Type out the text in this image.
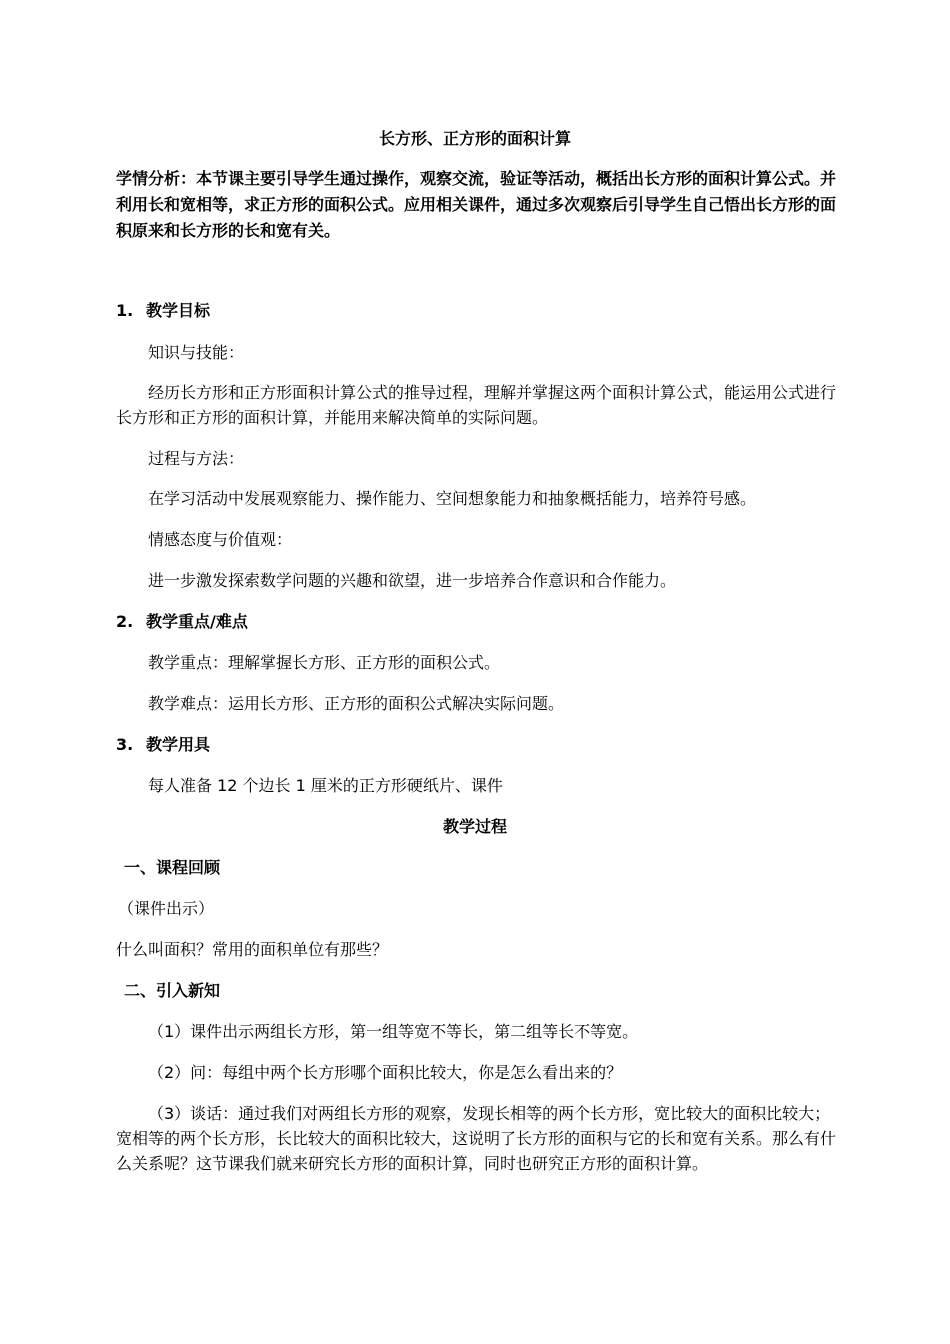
长方形、正方形的面积计算

学情分析：本节课主要引导学生通过操作，观察交流，验证等活动，概括出长方形的面积计算公式。并利用长和宽相等，求正方形的面积公式。应用相关课件，通过多次观察后引导学生自己悟出长方形的面积原来和长方形的长和宽有关。

1. 教学目标

知识与技能：

经历长方形和正方形面积计算公式的推导过程，理解并掌握这两个面积计算公式，能运用公式进行长方形和正方形的面积计算，并能用来解决简单的实际问题。

过程与方法：

在学习活动中发展观察能力、操作能力、空间想象能力和抽象概括能力，培养符号感。

情感态度与价值观：

进一步激发探索数学问题的兴趣和欲望，进一步培养合作意识和合作能力。

2. 教学重点/难点

教学重点：理解掌握长方形、正方形的面积公式。

教学难点：运用长方形、正方形的面积公式解决实际问题。

3. 教学用具

每人准备 12 个边长 1 厘米的正方形硬纸片、课件

教学过程

一、课程回顾

（课件出示）

什么叫面积？常用的面积单位有那些？

二、引入新知

（1）课件出示两组长方形，第一组等宽不等长，第二组等长不等宽。

（2）问：每组中两个长方形哪个面积比较大，你是怎么看出来的？

（3）谈话：通过我们对两组长方形的观察，发现长相等的两个长方形，宽比较大的面积比较大；宽相等的两个长方形，长比较大的面积比较大，这说明了长方形的面积与它的长和宽有关系。那么有什么关系呢？这节课我们就来研究长方形的面积计算，同时也研究正方形的面积计算。
